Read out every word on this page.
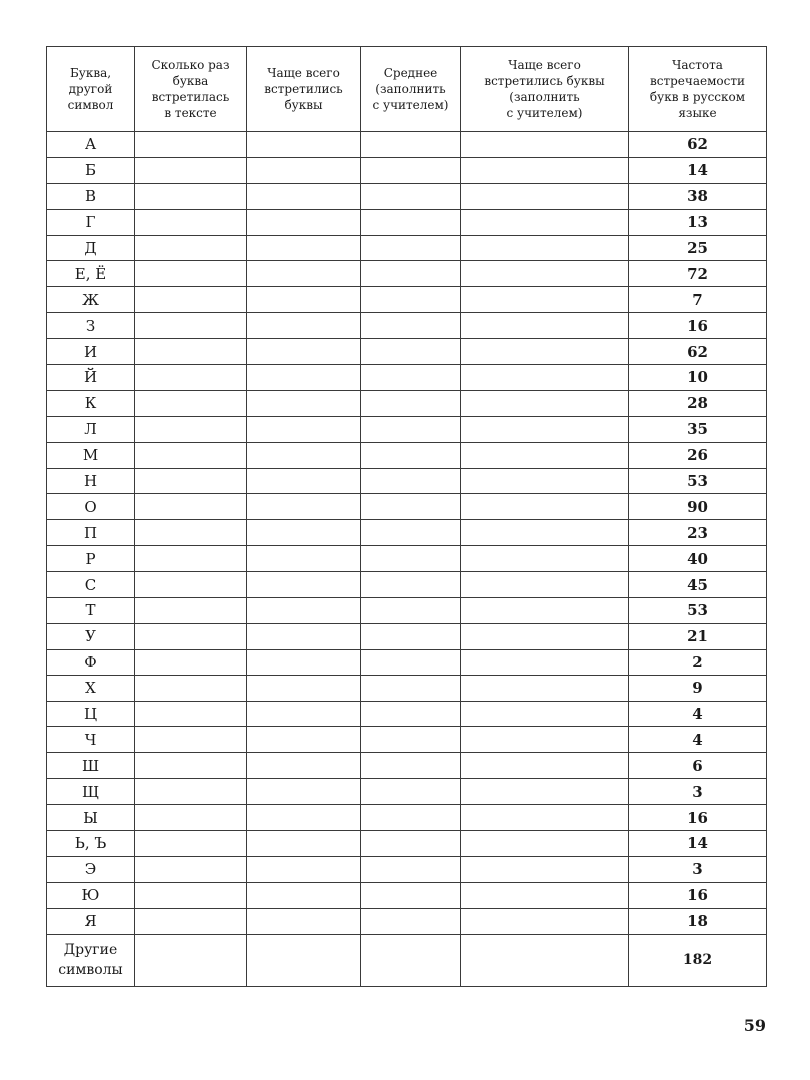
Буква,
другой
символ	Сколько раз
буква
встретилась
в тексте	Чаще всего
встретились
буквы	Среднее
(заполнить
с учителем)	Чаще всего
встретились буквы
(заполнить
с учителем)	Частота
встречаемости
букв в русском
языке
А					62
Б					14
В					38
Г					13
Д					25
Е, Ё					72
Ж					7
З					16
И					62
Й					10
К					28
Л					35
М					26
Н					53
О					90
П					23
Р					40
С					45
Т					53
У					21
Ф					2
Х					9
Ц					4
Ч					4
Ш					6
Щ					3
Ы					16
Ь, Ъ					14
Э					3
Ю					16
Я					18
Другие
символы					182
59
